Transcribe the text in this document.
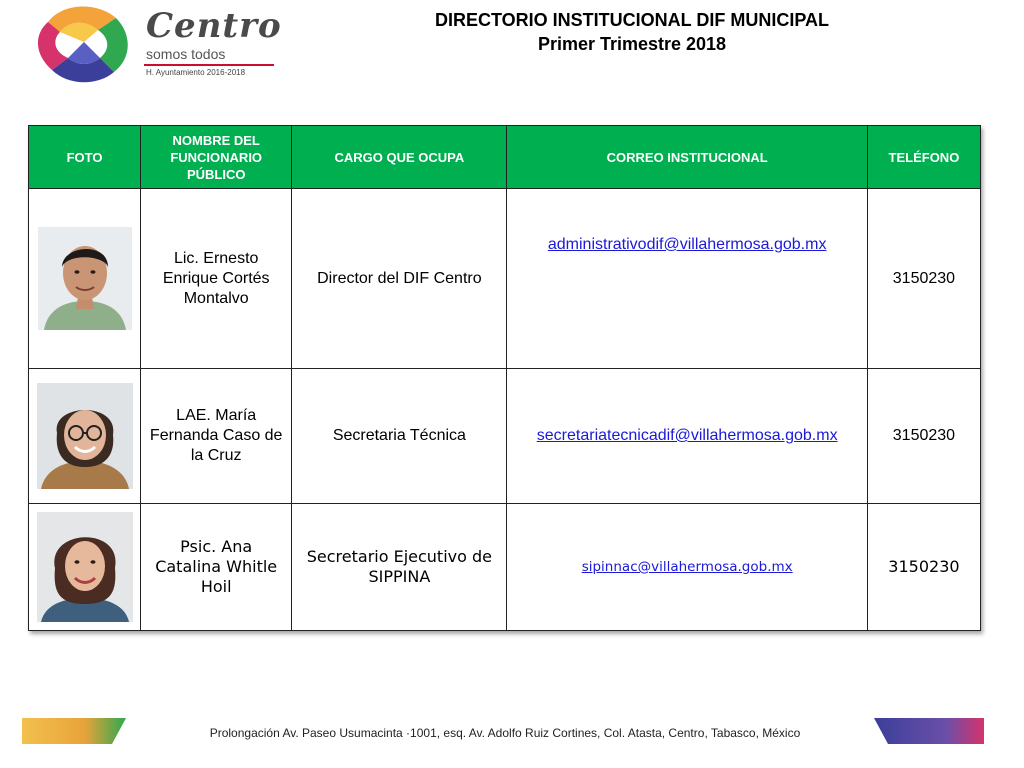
Centro
somos todos
H. Ayuntamiento 2016-2018
DIRECTORIO INSTITUCIONAL DIF MUNICIPAL
Primer Trimestre 2018
FOTO	NOMBRE DEL FUNCIONARIO PÚBLICO	CARGO QUE OCUPA	CORREO INSTITUCIONAL	TELÉFONO

	Lic. Ernesto Enrique Cortés Montalvo	Director del DIF Centro	administrativodif@villahermosa.gob.mx	3150230

	LAE. María Fernanda Caso de la Cruz	Secretaria Técnica	secretariatecnicadif@villahermosa.gob.mx	3150230

	Psic. Ana Catalina Whitle Hoil	Secretario Ejecutivo de SIPPINA	sipinnac@villahermosa.gob.mx	3150230
Prolongación Av. Paseo Usumacinta ·1001, esq. Av. Adolfo Ruiz Cortines, Col. Atasta, Centro, Tabasco, México
